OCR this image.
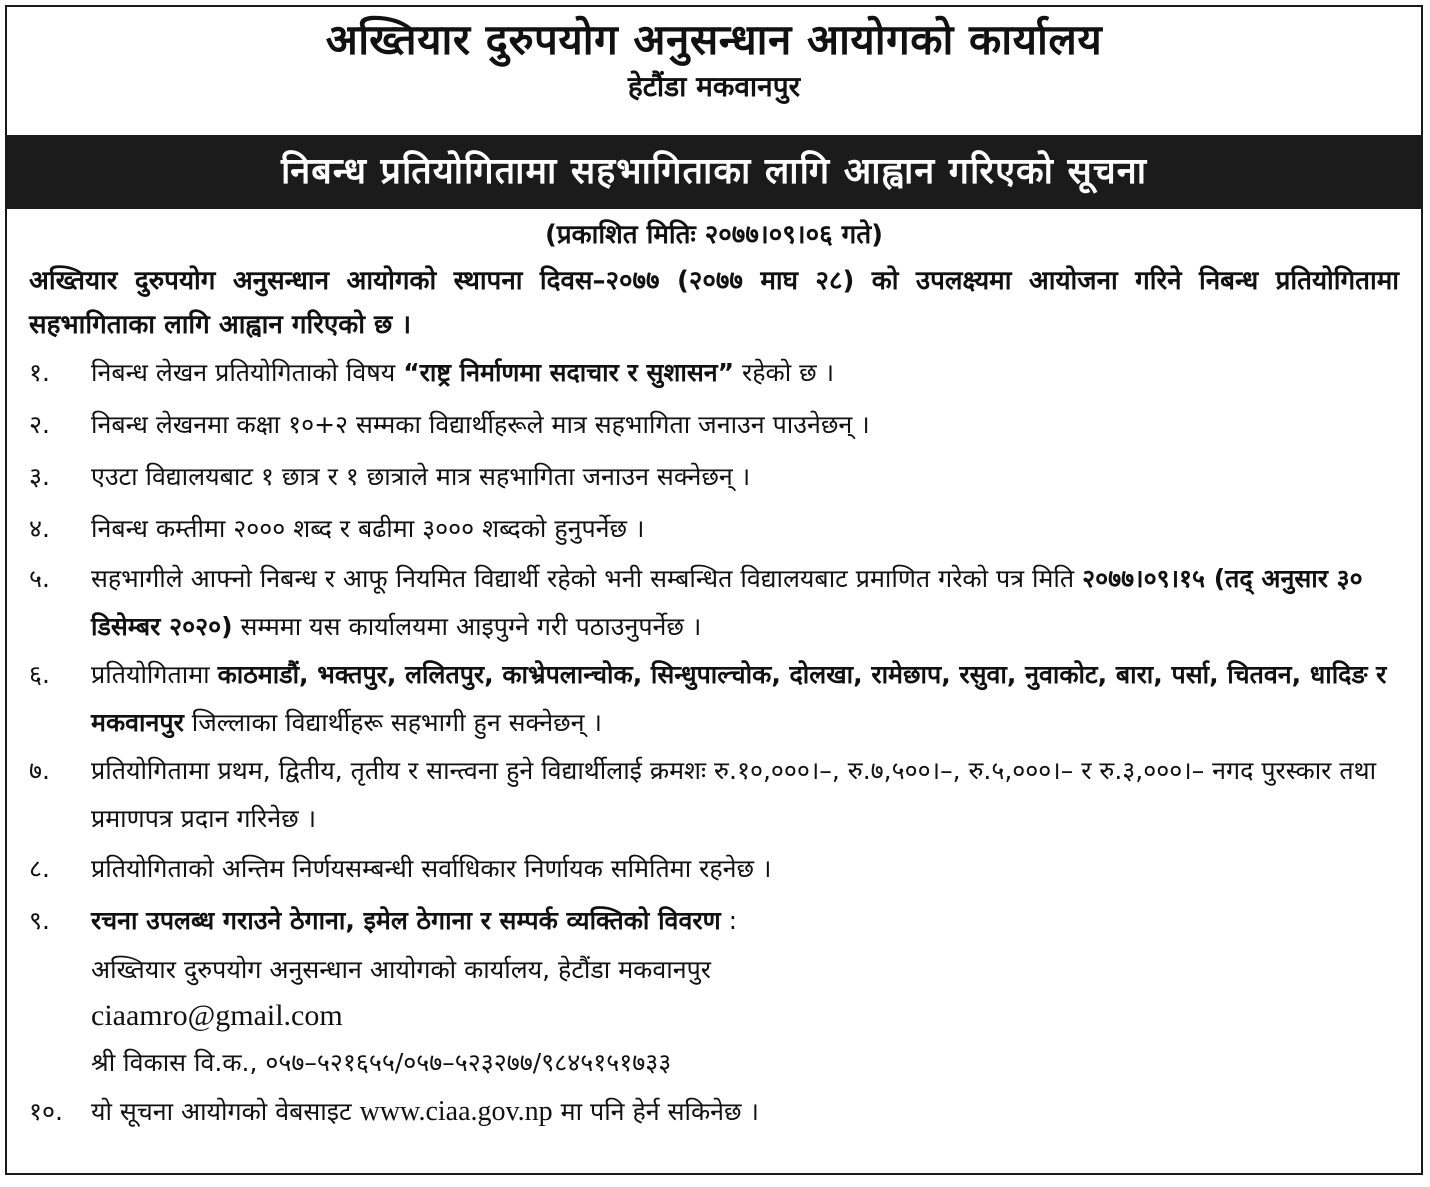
अख्तियार दुरुपयोग अनुसन्धान आयोगको कार्यालय
हेटौंडा मकवानपुर
निबन्ध प्रतियोगितामा सहभागिताका लागि आह्वान गरिएको सूचना
(प्रकाशित मितिः २०७७।०९।०६ गते)
अख्तियार दुरुपयोग अनुसन्धान आयोगको स्थापना दिवस–२०७७ (२०७७ माघ २८) को उपलक्ष्यमा आयोजना गरिने निबन्ध प्रतियोगितामा सहभागिताका लागि आह्वान गरिएको छ ।
१.	निबन्ध लेखन प्रतियोगिताको विषय “राष्ट्र निर्माणमा सदाचार र सुशासन” रहेको छ ।
२.	निबन्ध लेखनमा कक्षा १०+२ सम्मका विद्यार्थीहरूले मात्र सहभागिता जनाउन पाउनेछन् ।
३.	एउटा विद्यालयबाट १ छात्र र १ छात्राले मात्र सहभागिता जनाउन सक्नेछन् ।
४.	निबन्ध कम्तीमा २००० शब्द र बढीमा ३००० शब्दको हुनुपर्नेछ ।
५.	सहभागीले आफ्नो निबन्ध र आफू नियमित विद्यार्थी रहेको भनी सम्बन्धित विद्यालयबाट प्रमाणित गरेको पत्र मिति २०७७।०९।१५ (तद् अनुसार ३० डिसेम्बर २०२०) सम्ममा यस कार्यालयमा आइपुग्ने गरी पठाउनुपर्नेछ ।
६.	प्रतियोगितामा काठमाडौं, भक्तपुर, ललितपुर, काभ्रेपलान्चोक, सिन्धुपाल्चोक, दोलखा, रामेछाप, रसुवा, नुवाकोट, बारा, पर्सा, चितवन, धादिङ र मकवानपुर जिल्लाका विद्यार्थीहरू सहभागी हुन सक्नेछन् ।
७.	प्रतियोगितामा प्रथम, द्वितीय, तृतीय र सान्त्वना हुने विद्यार्थीलाई क्रमशः रु.१०,०००।–, रु.७,५००।–, रु.५,०००।– र रु.३,०००।– नगद पुरस्कार तथा प्रमाणपत्र प्रदान गरिनेछ ।
८.	प्रतियोगिताको अन्तिम निर्णयसम्बन्धी सर्वाधिकार निर्णायक समितिमा रहनेछ ।
९.	रचना उपलब्ध गराउने ठेगाना, इमेल ठेगाना र सम्पर्क व्यक्तिको विवरण :
अख्तियार दुरुपयोग अनुसन्धान आयोगको कार्यालय, हेटौंडा मकवानपुर
ciaamro@gmail.com
श्री विकास वि.क., ०५७–५२१६५५/०५७–५२३२७७/९८४५१५१७३३
१०.	यो सूचना आयोगको वेबसाइट www.ciaa.gov.np मा पनि हेर्न सकिनेछ ।
